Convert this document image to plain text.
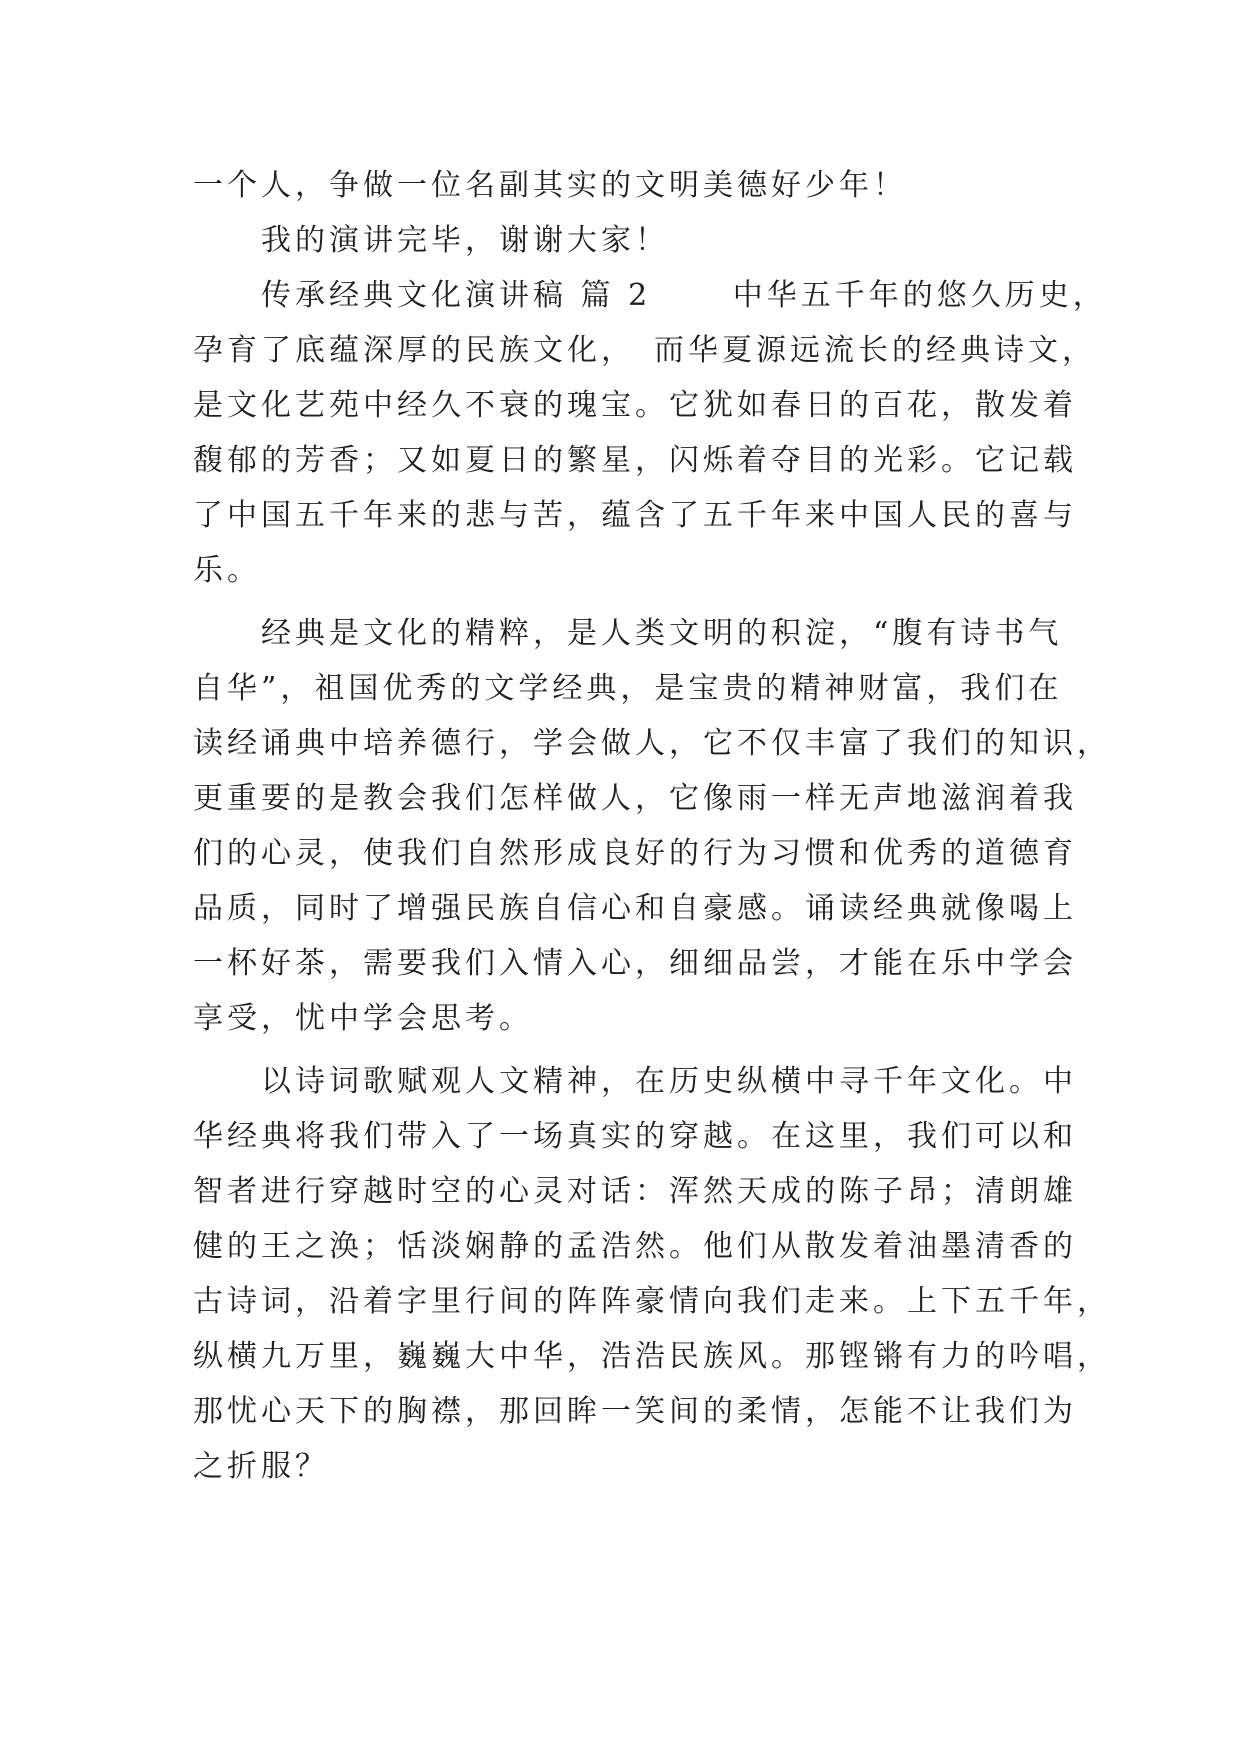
一个人，争做一位名副其实的文明美德好少年！
　　我的演讲完毕，谢谢大家！
　　传承经典文化演讲稿 篇 2　　 中华五千年的悠久历史，
孕育了底蕴深厚的民族文化，　而华夏源远流长的经典诗文，
是文化艺苑中经久不衰的瑰宝。它犹如春日的百花，散发着
馥郁的芳香；又如夏日的繁星，闪烁着夺目的光彩。它记载
了中国五千年来的悲与苦，蕴含了五千年来中国人民的喜与
乐。
　　经典是文化的精粹，是人类文明的积淀，“腹有诗书气
自华”，祖国优秀的文学经典，是宝贵的精神财富，我们在
读经诵典中培养德行，学会做人，它不仅丰富了我们的知识，
更重要的是教会我们怎样做人，它像雨一样无声地滋润着我
们的心灵，使我们自然形成良好的行为习惯和优秀的道德育
品质，同时了增强民族自信心和自豪感。诵读经典就像喝上
一杯好茶，需要我们入情入心，细细品尝，才能在乐中学会
享受，忧中学会思考。
　　以诗词歌赋观人文精神，在历史纵横中寻千年文化。中
华经典将我们带入了一场真实的穿越。在这里，我们可以和
智者进行穿越时空的心灵对话：浑然天成的陈子昂；清朗雄
健的王之涣；恬淡娴静的孟浩然。他们从散发着油墨清香的
古诗词，沿着字里行间的阵阵豪情向我们走来。上下五千年，
纵横九万里，巍巍大中华，浩浩民族风。那铿锵有力的吟唱，
那忧心天下的胸襟，那回眸一笑间的柔情，怎能不让我们为
之折服？
